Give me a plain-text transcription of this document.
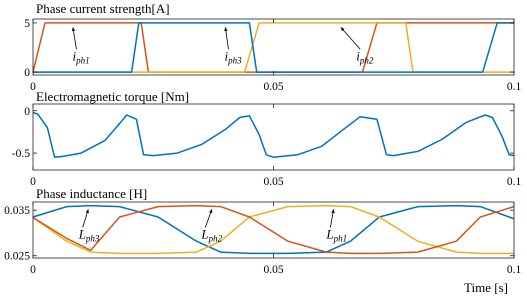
Phase current strength[A]
0	0.05	0.1
0
5
$i_{ph1}$	$i_{ph3}$	$i_{ph2}$
Electromagnetic torque [Nm]
0	0.05	0.1
0
-0.5
Phase inductance [H]
0	0.05	0.1
0.035
0.025
$L_{ph3}$	$L_{ph2}$	$L_{ph1}$
Time [s]
